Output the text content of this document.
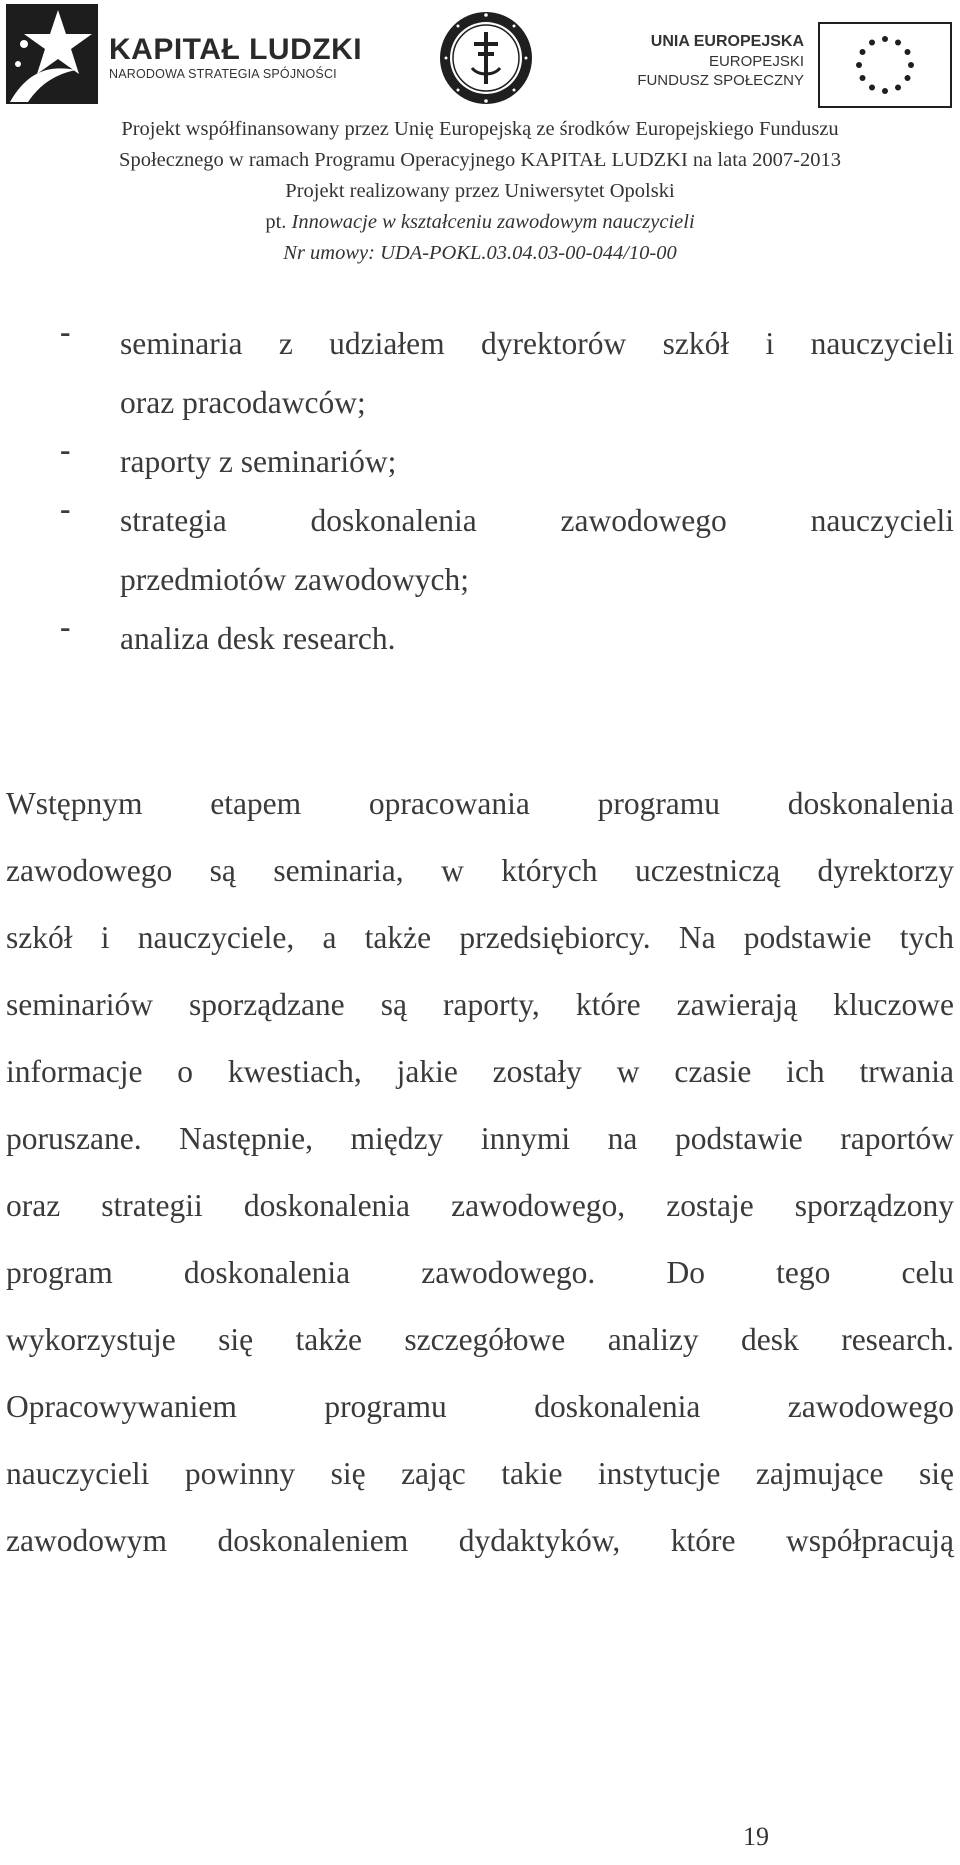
KAPITAŁ LUDZKI
NARODOWA STRATEGIA SPÓJNOŚCI
UNIA EUROPEJSKA
EUROPEJSKI
FUNDUSZ SPOŁECZNY
Projekt współfinansowany przez Unię Europejską ze środków Europejskiego Funduszu
Społecznego w ramach Programu Operacyjnego KAPITAŁ LUDZKI na lata 2007-2013
Projekt realizowany przez Uniwersytet Opolski
pt. Innowacje w kształceniu zawodowym nauczycieli
Nr umowy: UDA-POKL.03.04.03-00-044/10-00
-	seminaria z udziałem dyrektorów szkół i nauczycieli
oraz pracodawców;
-	raporty z seminariów;
-	strategia doskonalenia zawodowego nauczycieli
przedmiotów zawodowych;
-	analiza desk research.
Wstępnym etapem opracowania programu doskonalenia
zawodowego są seminaria, w których uczestniczą dyrektorzy
szkół i nauczyciele, a także przedsiębiorcy. Na podstawie tych
seminariów sporządzane są raporty, które zawierają kluczowe
informacje o kwestiach, jakie zostały w czasie ich trwania
poruszane. Następnie, między innymi na podstawie raportów
oraz strategii doskonalenia zawodowego, zostaje sporządzony
program doskonalenia zawodowego. Do tego celu
wykorzystuje się także szczegółowe analizy desk research.
Opracowywaniem programu doskonalenia zawodowego
nauczycieli powinny się zając takie instytucje zajmujące się
zawodowym doskonaleniem dydaktyków, które współpracują
19
